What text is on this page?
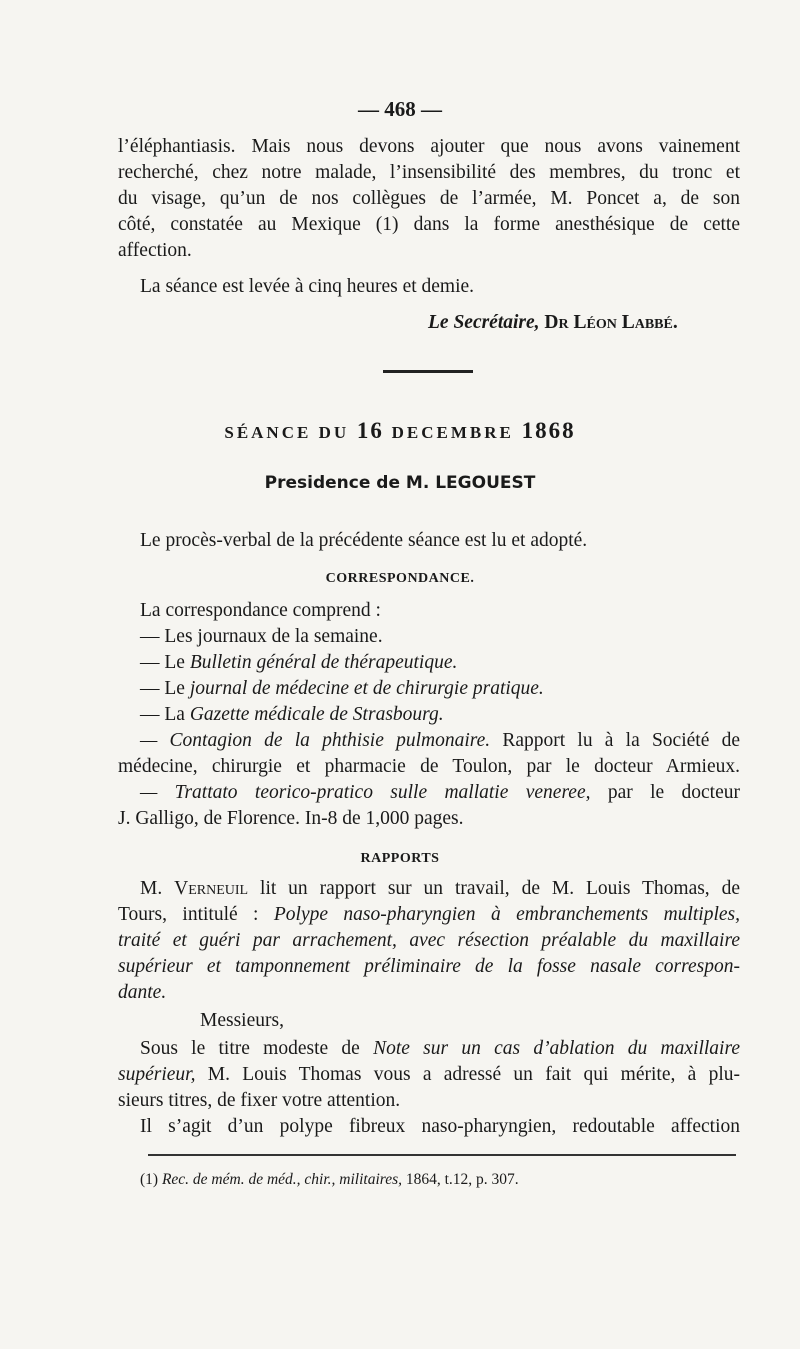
— 468 —
l’éléphantiasis. Mais nous devons ajouter que nous avons vainement
recherché, chez notre malade, l’insensibilité des membres, du tronc et
du visage, qu’un de nos collègues de l’armée, M. Poncet a, de son
côté, constatée au Mexique (1) dans la forme anesthésique de cette
affection.
La séance est levée à cinq heures et demie.
Le Secrétaire, Dr Léon Labbé.
SÉANCE DU 16 DECEMBRE 1868
Presidence de M. LEGOUEST
Le procès-verbal de la précédente séance est lu et adopté.
CORRESPONDANCE.
La correspondance comprend :
— Les journaux de la semaine.
— Le Bulletin général de thérapeutique.
— Le journal de médecine et de chirurgie pratique.
— La Gazette médicale de Strasbourg.
— Contagion de la phthisie pulmonaire. Rapport lu à la Société de
médecine, chirurgie et pharmacie de Toulon, par le docteur Armieux.
— Trattato teorico-pratico sulle mallatie veneree, par le docteur
J. Galligo, de Florence. In-8 de 1,000 pages.
RAPPORTS
M. Verneuil lit un rapport sur un travail, de M. Louis Thomas, de
Tours, intitulé : Polype naso-pharyngien à embranchements multiples,
traité et guéri par arrachement, avec résection préalable du maxillaire
supérieur et tamponnement préliminaire de la fosse nasale correspon-
dante.
Messieurs,
Sous le titre modeste de Note sur un cas d’ablation du maxillaire
supérieur, M. Louis Thomas vous a adressé un fait qui mérite, à plu-
sieurs titres, de fixer votre attention.
Il s’agit d’un polype fibreux naso-pharyngien, redoutable affection
(1) Rec. de mém. de méd., chir., militaires, 1864, t.12, p. 307.
